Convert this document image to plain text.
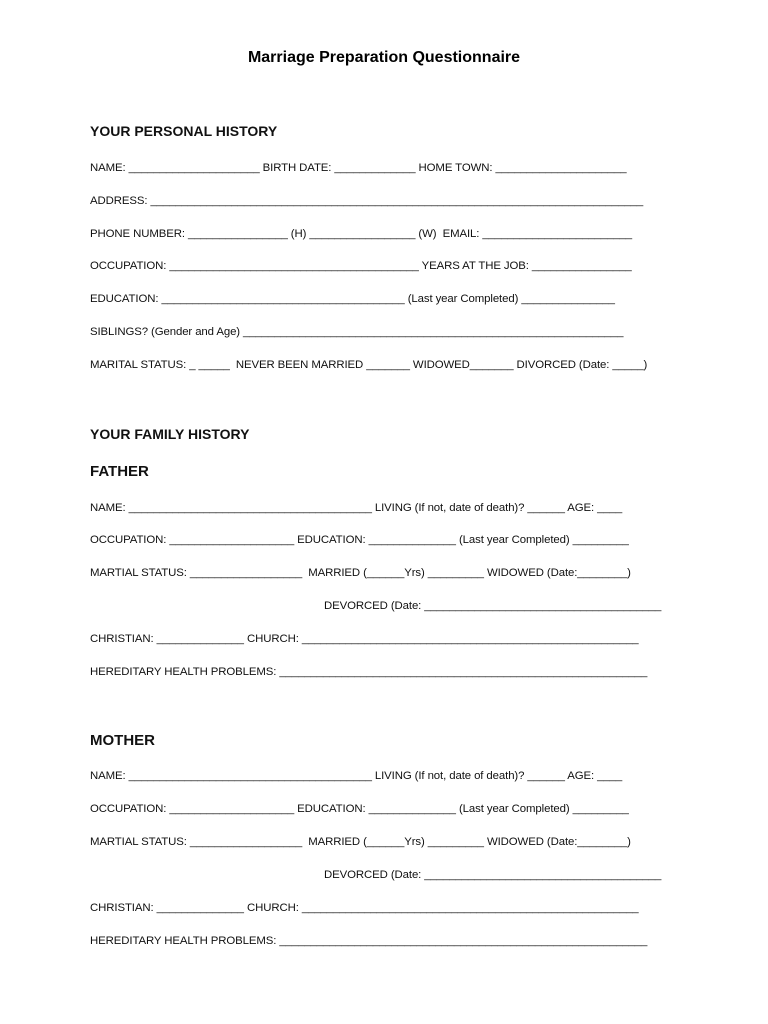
Marriage Preparation Questionnaire
YOUR PERSONAL HISTORY
NAME: _____________________ BIRTH DATE: _____________ HOME TOWN: _____________________
ADDRESS: _______________________________________________________________________________
PHONE NUMBER: ________________ (H) _________________ (W)  EMAIL: ________________________
OCCUPATION: ________________________________________ YEARS AT THE JOB: ________________
EDUCATION: _______________________________________ (Last year Completed) _______________
SIBLINGS? (Gender and Age) _____________________________________________________________
MARITAL STATUS: _ _____  NEVER BEEN MARRIED _______ WIDOWED_______ DIVORCED (Date: _____)
YOUR FAMILY HISTORY
FATHER
NAME: _______________________________________ LIVING (If not, date of death)? ______ AGE: ____
OCCUPATION: ____________________ EDUCATION: ______________ (Last year Completed) _________
MARTIAL STATUS: __________________  MARRIED (______Yrs) _________ WIDOWED (Date:________)
DEVORCED (Date: ______________________________________
CHRISTIAN: ______________ CHURCH: ______________________________________________________
HEREDITARY HEALTH PROBLEMS: ___________________________________________________________
MOTHER
NAME: _______________________________________ LIVING (If not, date of death)? ______ AGE: ____
OCCUPATION: ____________________ EDUCATION: ______________ (Last year Completed) _________
MARTIAL STATUS: __________________  MARRIED (______Yrs) _________ WIDOWED (Date:________)
DEVORCED (Date: ______________________________________
CHRISTIAN: ______________ CHURCH: ______________________________________________________
HEREDITARY HEALTH PROBLEMS: ___________________________________________________________
